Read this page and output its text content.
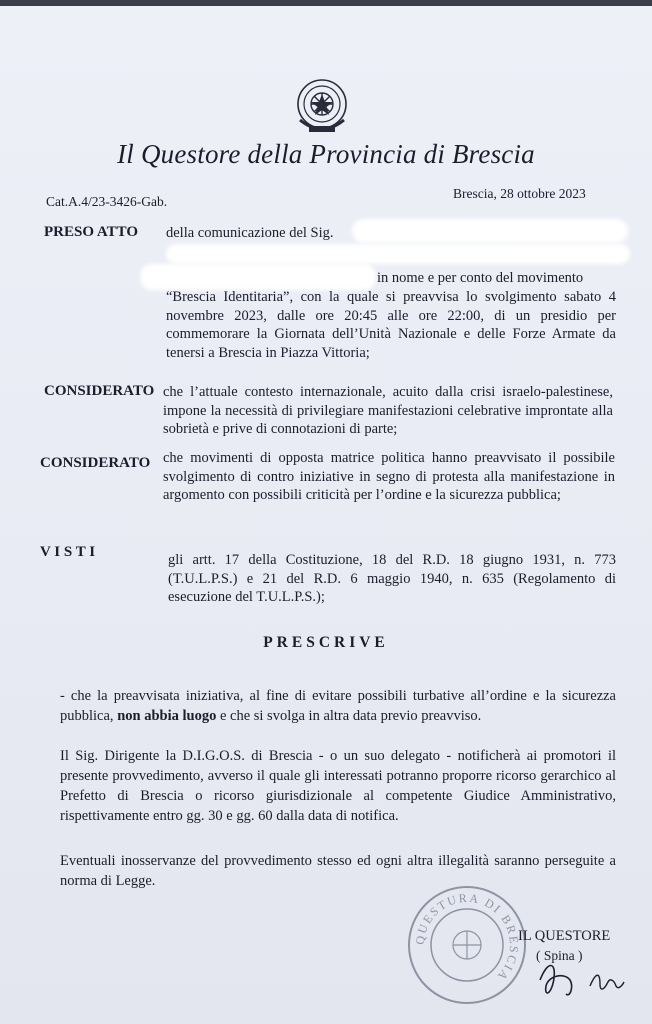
Il Questore della Provincia di Brescia
Cat.A.4/23-3426-Gab.
Brescia, 28 ottobre 2023
PRESO ATTO della comunicazione del Sig.
in nome e per conto del movimento
“Brescia Identitaria”, con la quale si preavvisa lo svolgimento sabato 4 novembre 2023, dalle ore 20:45 alle ore 22:00, di un presidio per commemorare la Giornata dell’Unità Nazionale e delle Forze Armate da tenersi a Brescia in Piazza Vittoria;
CONSIDERATO che l’attuale contesto internazionale, acuito dalla crisi israelo-palestinese, impone la necessità di privilegiare manifestazioni celebrative improntate alla sobrietà e prive di connotazioni di parte;
CONSIDERATO che movimenti di opposta matrice politica hanno preavvisato il possibile svolgimento di contro iniziative in segno di protesta alla manifestazione in argomento con possibili criticità per l’ordine e la sicurezza pubblica;
V I S T I	gli artt. 17 della Costituzione, 18 del R.D. 18 giugno 1931, n. 773 (T.U.L.P.S.) e 21 del R.D. 6 maggio 1940, n. 635 (Regolamento di esecuzione del T.U.L.P.S.);
PRESCRIVE
- che la preavvisata iniziativa, al fine di evitare possibili turbative all’ordine e la sicurezza pubblica, non abbia luogo e che si svolga in altra data previo preavviso.
Il Sig. Dirigente la D.I.G.O.S. di Brescia - o un suo delegato - notificherà ai promotori il presente provvedimento, avverso il quale gli interessati potranno proporre ricorso gerarchico al Prefetto di Brescia o ricorso giurisdizionale al competente Giudice Amministrativo, rispettivamente entro gg. 30 e gg. 60 dalla data di notifica.
Eventuali inosservanze del provvedimento stesso ed ogni altra illegalità saranno perseguite a norma di Legge.
QUESTURA DI BRESCIA
IL QUESTORE
( Spina )
